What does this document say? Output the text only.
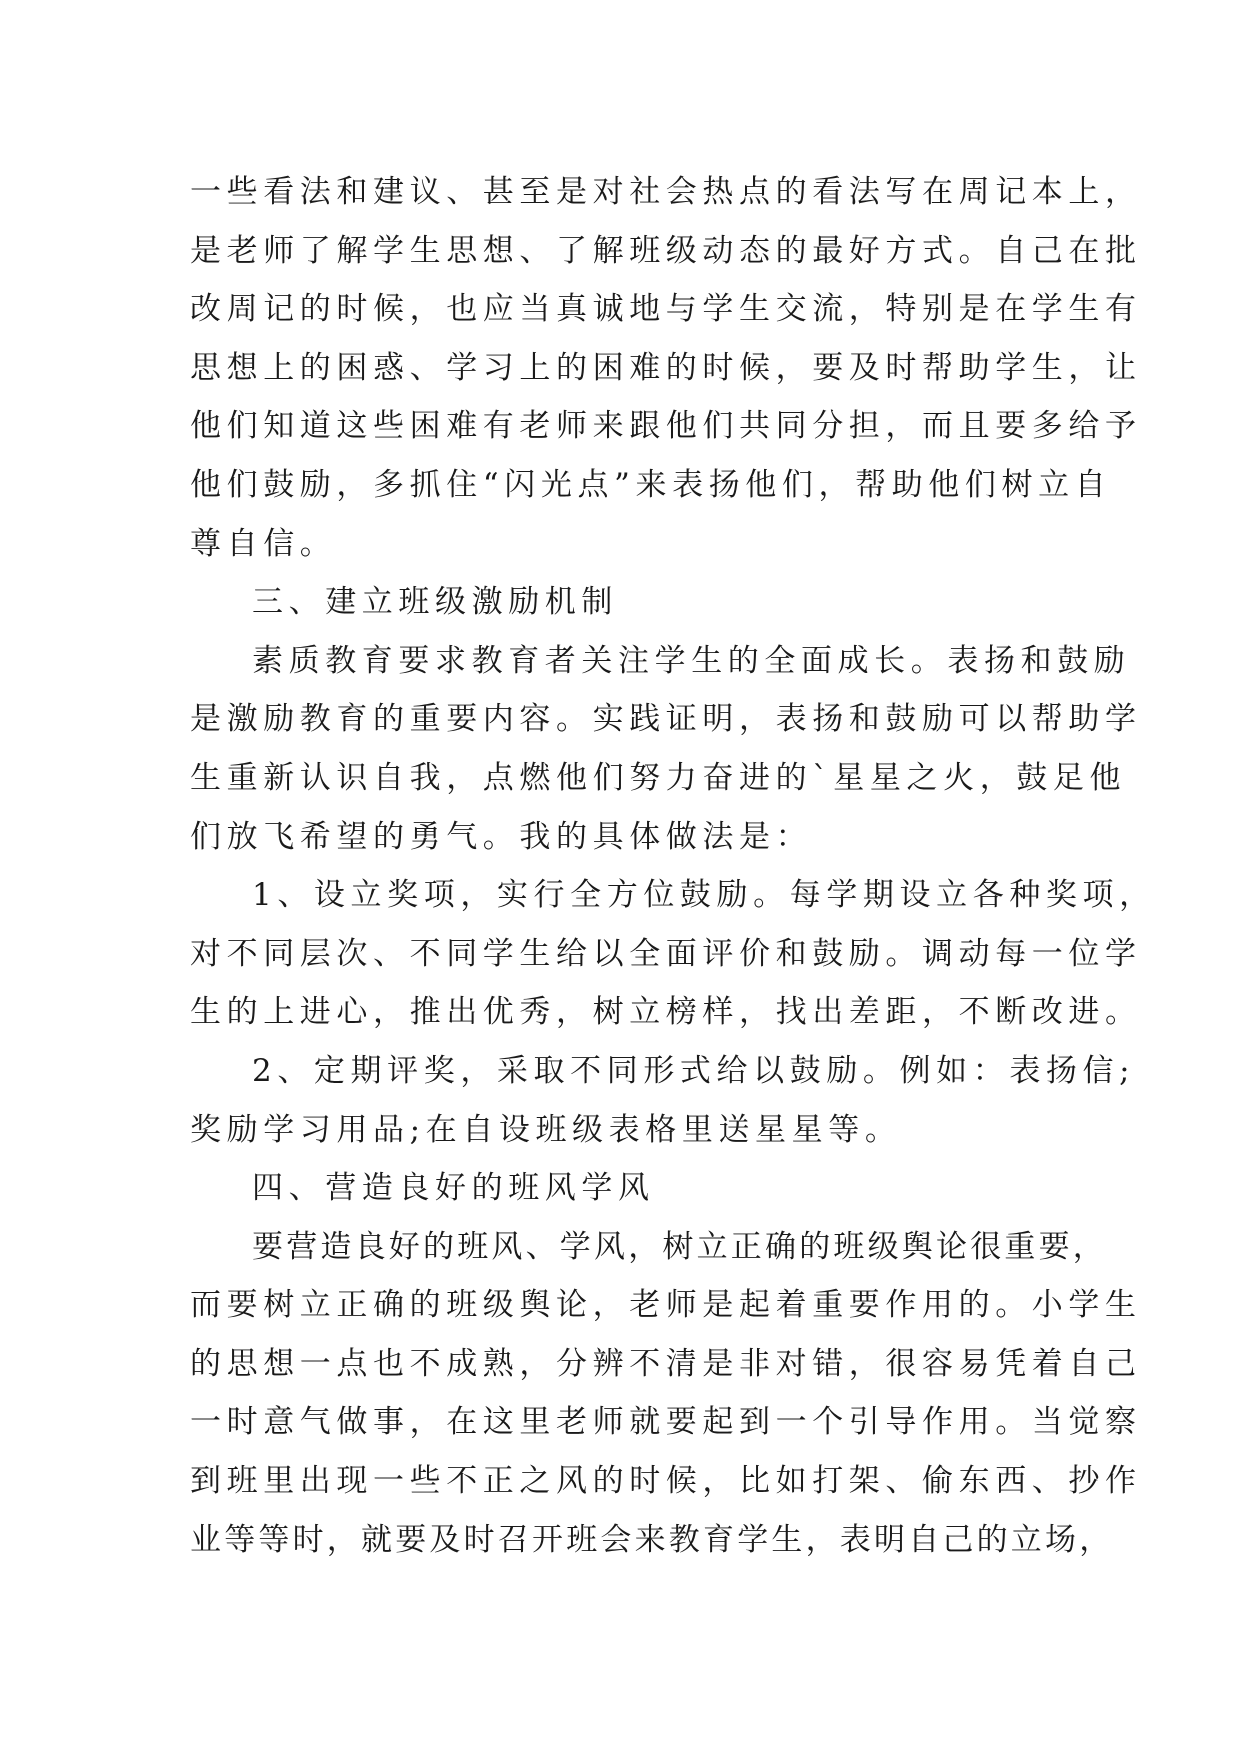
一些看法和建议、甚至是对社会热点的看法写在周记本上，
是老师了解学生思想、了解班级动态的最好方式。自己在批
改周记的时候，也应当真诚地与学生交流，特别是在学生有
思想上的困惑、学习上的困难的时候，要及时帮助学生，让
他们知道这些困难有老师来跟他们共同分担，而且要多给予
他们鼓励，多抓住“闪光点”来表扬他们，帮助他们树立自
尊自信。
三、建立班级激励机制
素质教育要求教育者关注学生的全面成长。表扬和鼓励
是激励教育的重要内容。实践证明，表扬和鼓励可以帮助学
生重新认识自我，点燃他们努力奋进的`星星之火，鼓足他
们放飞希望的勇气。我的具体做法是：
1、设立奖项，实行全方位鼓励。每学期设立各种奖项，
对不同层次、不同学生给以全面评价和鼓励。调动每一位学
生的上进心，推出优秀，树立榜样，找出差距，不断改进。
2、定期评奖，采取不同形式给以鼓励。例如：表扬信;
奖励学习用品;在自设班级表格里送星星等。
四、营造良好的班风学风
要营造良好的班风、学风，树立正确的班级舆论很重要，
而要树立正确的班级舆论，老师是起着重要作用的。小学生
的思想一点也不成熟，分辨不清是非对错，很容易凭着自己
一时意气做事，在这里老师就要起到一个引导作用。当觉察
到班里出现一些不正之风的时候，比如打架、偷东西、抄作
业等等时，就要及时召开班会来教育学生，表明自己的立场，
